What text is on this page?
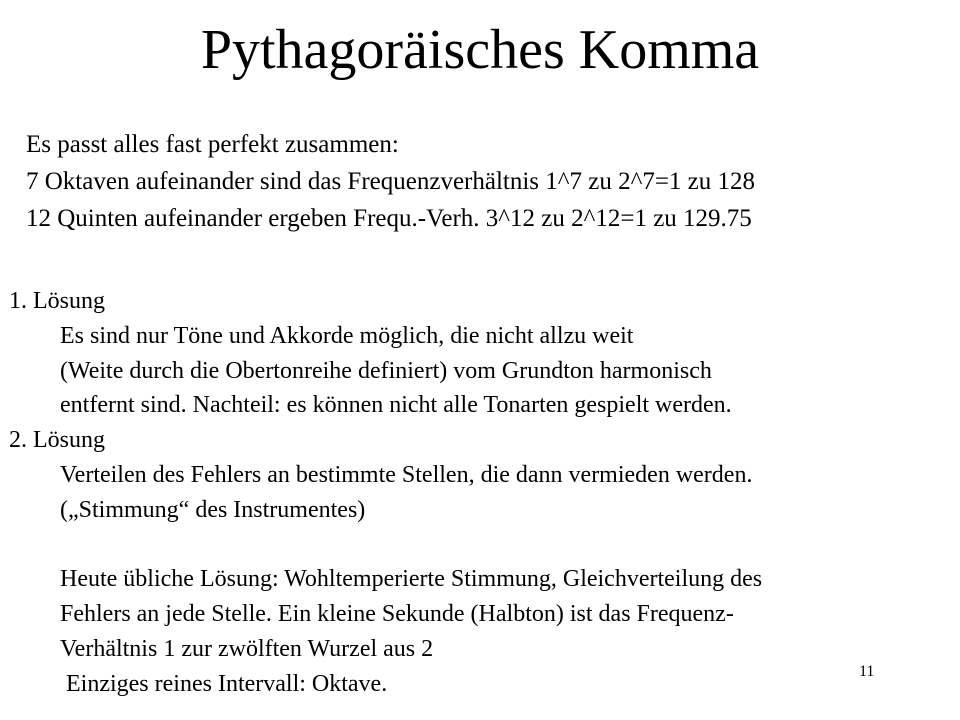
Pythagoräisches Komma
Es passt alles fast perfekt zusammen:
7 Oktaven aufeinander sind das Frequenzverhältnis 1^7 zu 2^7=1 zu 128
12 Quinten aufeinander ergeben Frequ.-Verh. 3^12 zu 2^12=1 zu 129.75
1. Lösung
Es sind nur Töne und Akkorde möglich, die nicht allzu weit
(Weite durch die Obertonreihe definiert) vom Grundton harmonisch
entfernt sind. Nachteil: es können nicht alle Tonarten gespielt werden.
2. Lösung
Verteilen des Fehlers an bestimmte Stellen, die dann vermieden werden.
(„Stimmung“ des Instrumentes)
Heute übliche Lösung: Wohltemperierte Stimmung, Gleichverteilung des
Fehlers an jede Stelle. Ein kleine Sekunde (Halbton) ist das Frequenz-
Verhältnis 1 zur zwölften Wurzel aus 2
Einziges reines Intervall: Oktave.	11
